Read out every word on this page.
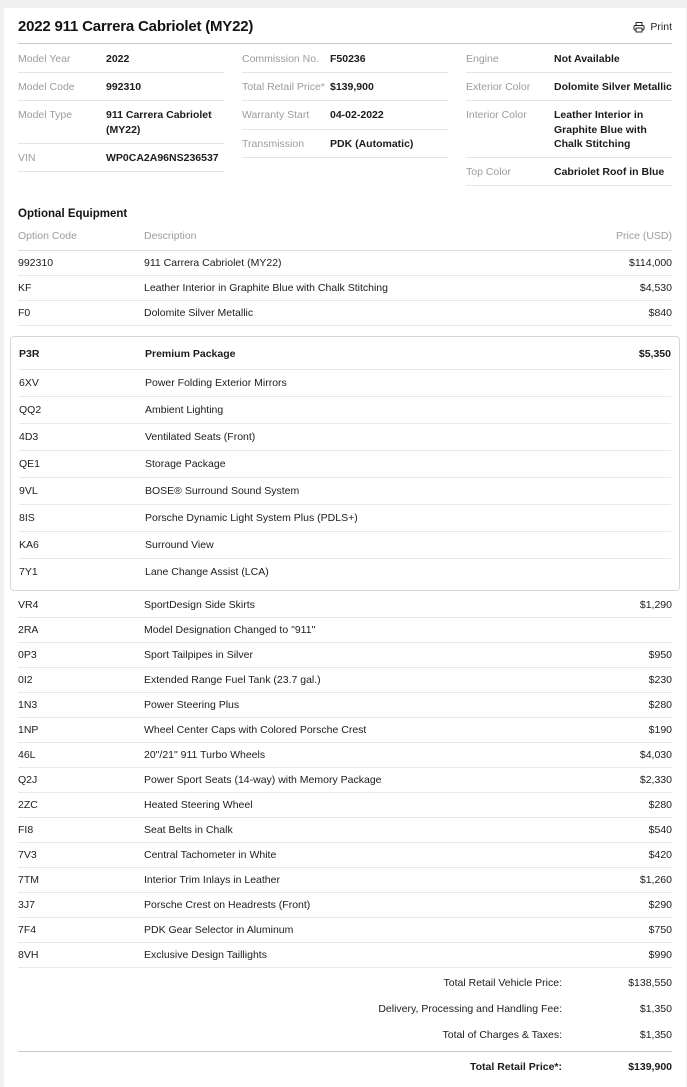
2022 911 Carrera Cabriolet (MY22)	Print
Model Year	2022
Model Code	992310
Model Type	911 Carrera Cabriolet (MY22)
VIN	WP0CA2A96NS236537
Commission No.	F50236
Total Retail Price* $139,900
Warranty Start	04-02-2022
Transmission	PDK (Automatic)
Engine	Not Available
Exterior Color	Dolomite Silver Metallic
Interior Color	Leather Interior in Graphite Blue with Chalk Stitching
Top Color	Cabriolet Roof in Blue
Optional Equipment
Option Code	Description	Price (USD)
992310	911 Carrera Cabriolet (MY22)	$114,000
KF	Leather Interior in Graphite Blue with Chalk Stitching	$4,530
F0	Dolomite Silver Metallic	$840
P3R	Premium Package	$5,350
6XV	Power Folding Exterior Mirrors
QQ2	Ambient Lighting
4D3	Ventilated Seats (Front)
QE1	Storage Package
9VL	BOSE® Surround Sound System
8IS	Porsche Dynamic Light System Plus (PDLS+)
KA6	Surround View
7Y1	Lane Change Assist (LCA)
VR4	SportDesign Side Skirts	$1,290
2RA	Model Designation Changed to "911"
0P3	Sport Tailpipes in Silver	$950
0I2	Extended Range Fuel Tank (23.7 gal.)	$230
1N3	Power Steering Plus	$280
1NP	Wheel Center Caps with Colored Porsche Crest	$190
46L	20"/21" 911 Turbo Wheels	$4,030
Q2J	Power Sport Seats (14-way) with Memory Package	$2,330
2ZC	Heated Steering Wheel	$280
FI8	Seat Belts in Chalk	$540
7V3	Central Tachometer in White	$420
7TM	Interior Trim Inlays in Leather	$1,260
3J7	Porsche Crest on Headrests (Front)	$290
7F4	PDK Gear Selector in Aluminum	$750
8VH	Exclusive Design Taillights	$990
Total Retail Vehicle Price:	$138,550
Delivery, Processing and Handling Fee:	$1,350
Total of Charges & Taxes:	$1,350
Total Retail Price*:	$139,900
